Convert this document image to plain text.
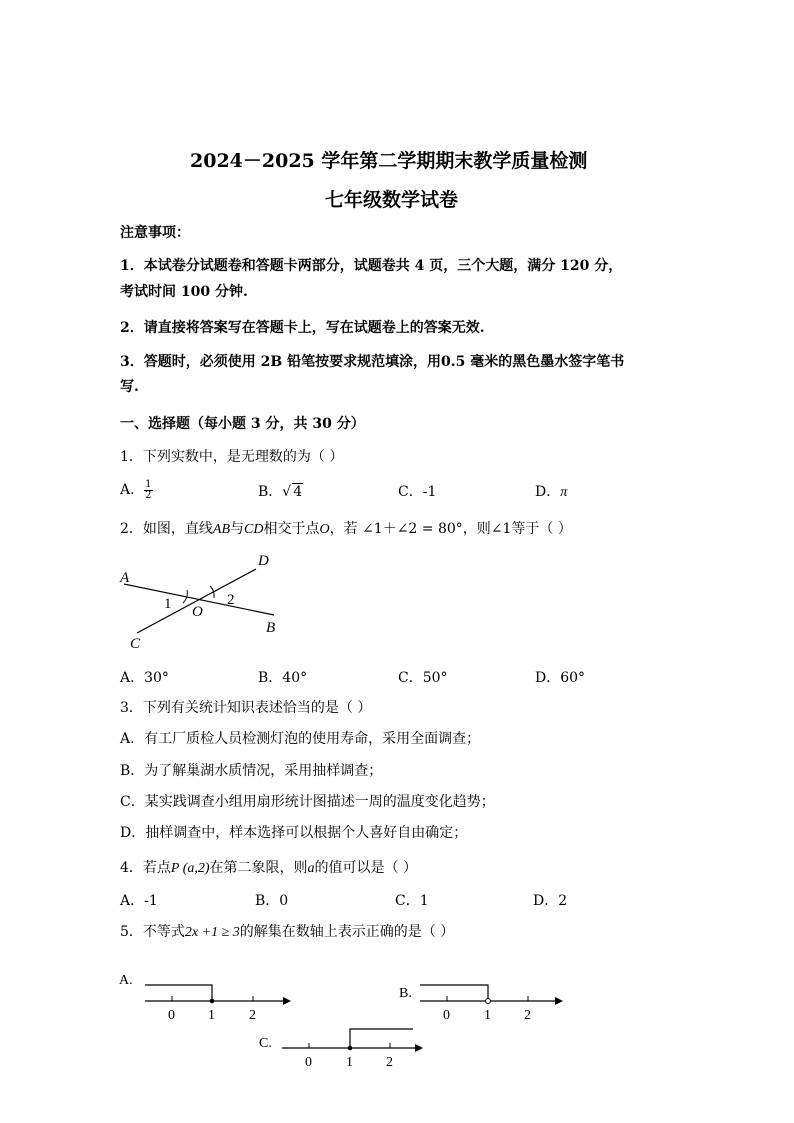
2024－2025 学年第二学期期末教学质量检测
七年级数学试卷
注意事项：
1．本试卷分试题卷和答题卡两部分，试题卷共 4 页，三个大题，满分 120 分，
考试时间 100 分钟.
2．请直接将答案写在答题卡上，写在试题卷上的答案无效.
3．答题时，必须使用 2B 铅笔按要求规范填涂，用0.5 毫米的黑色墨水签字笔书
写.
一、选择题（每小题 3 分，共 30 分）
1．下列实数中，是无理数的为（ ）
A． $\frac{1}{2}$	B．√ 4	C．-1	D．π
2．如图，直线AB与CD相交于点O，若 ∠1＋∠2 = 80°，则∠1等于（ ）
A
D
1 O
2
C
B
A．30°	B．40°	C．50°	D．60°
3．下列有关统计知识表述恰当的是（ ）
A．有工厂质检人员检测灯泡的使用寿命，采用全面调查；
B．为了解巢湖水质情况，采用抽样调查；
C．某实践调查小组用扇形统计图描述一周的温度变化趋势；
D．抽样调查中，样本选择可以根据个人喜好自由确定；
4．若点P (a,2)在第二象限，则a的值可以是（ ）
A．-1	B．0	C．1	D．2
5．不等式2x +1 ≥ 3的解集在数轴上表示正确的是（ ）
A.
0 1 2
B.
0 1 2
C.
0 1 2
